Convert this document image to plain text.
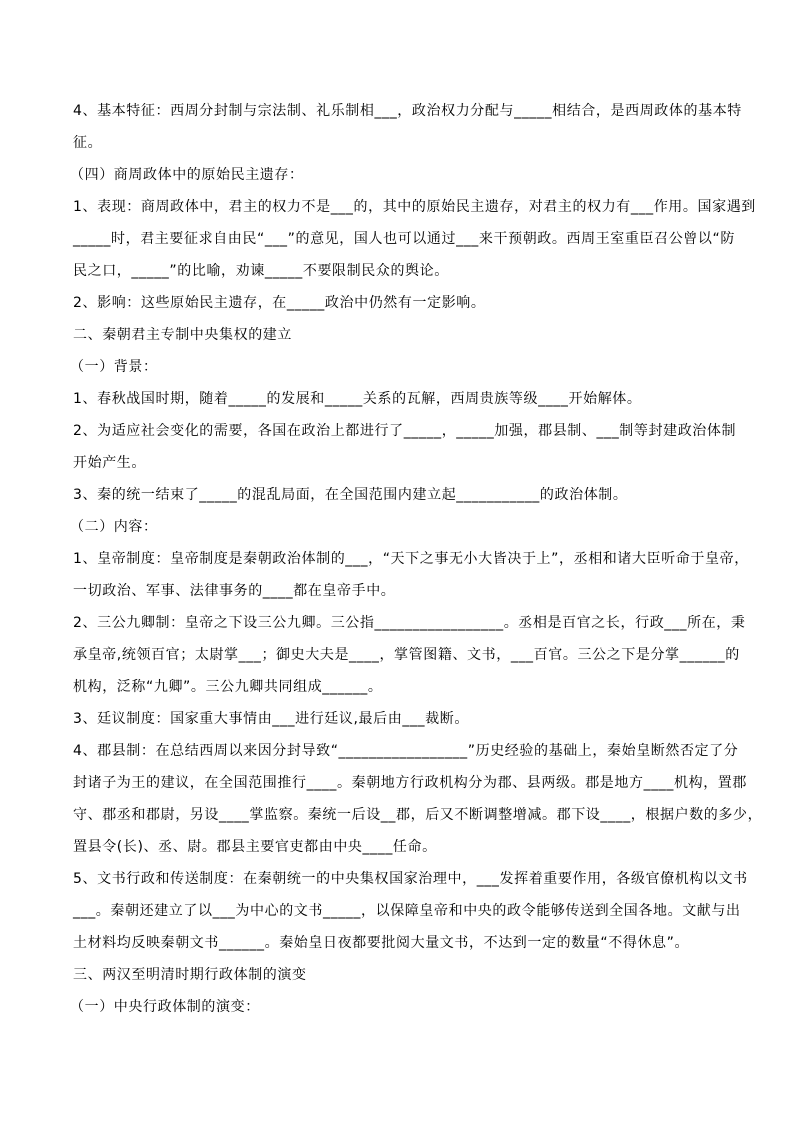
4、基本特征：西周分封制与宗法制、礼乐制相___，政治权力分配与_____相结合，是西周政体的基本特
征。
（四）商周政体中的原始民主遗存：
1、表现：商周政体中，君主的权力不是___的，其中的原始民主遗存，对君主的权力有___作用。国家遇到
_____时，君主要征求自由民“___”的意见，国人也可以通过___来干预朝政。西周王室重臣召公曾以“防
民之口，_____”的比喻，劝谏_____不要限制民众的舆论。
2、影响：这些原始民主遗存，在_____政治中仍然有一定影响。
二、秦朝君主专制中央集权的建立
（一）背景：
1、春秋战国时期，随着_____的发展和_____关系的瓦解，西周贵族等级____开始解体。
2、为适应社会变化的需要，各国在政治上都进行了_____，_____加强，郡县制、___制等封建政治体制
开始产生。
3、秦的统一结束了_____的混乱局面，在全国范围内建立起___________的政治体制。
（二）内容：
1、皇帝制度：皇帝制度是秦朝政治体制的___，“天下之事无小大皆决于上”，丞相和诸大臣听命于皇帝，
一切政治、军事、法律事务的____都在皇帝手中。
2、三公九卿制：皇帝之下设三公九卿。三公指_________________。丞相是百官之长，行政___所在，秉
承皇帝,统领百官；太尉掌___；御史大夫是____，掌管图籍、文书，___百官。三公之下是分掌______的
机构，泛称“九卿”。三公九卿共同组成______。
3、廷议制度：国家重大事情由___进行廷议,最后由___裁断。
4、郡县制：在总结西周以来因分封导致“_________________”历史经验的基础上，秦始皇断然否定了分
封诸子为王的建议，在全国范围推行____。秦朝地方行政机构分为郡、县两级。郡是地方____机构，置郡
守、郡丞和郡尉，另设____掌监察。秦统一后设__郡，后又不断调整增减。郡下设____，根据户数的多少，
置县令(长)、丞、尉。郡县主要官吏都由中央____任命。
5、文书行政和传送制度：在秦朝统一的中央集权国家治理中，___发挥着重要作用，各级官僚机构以文书
___。秦朝还建立了以___为中心的文书_____，以保障皇帝和中央的政令能够传送到全国各地。文献与出
土材料均反映秦朝文书______。秦始皇日夜都要批阅大量文书，不达到一定的数量“不得休息”。
三、两汉至明清时期行政体制的演变
（一）中央行政体制的演变：
